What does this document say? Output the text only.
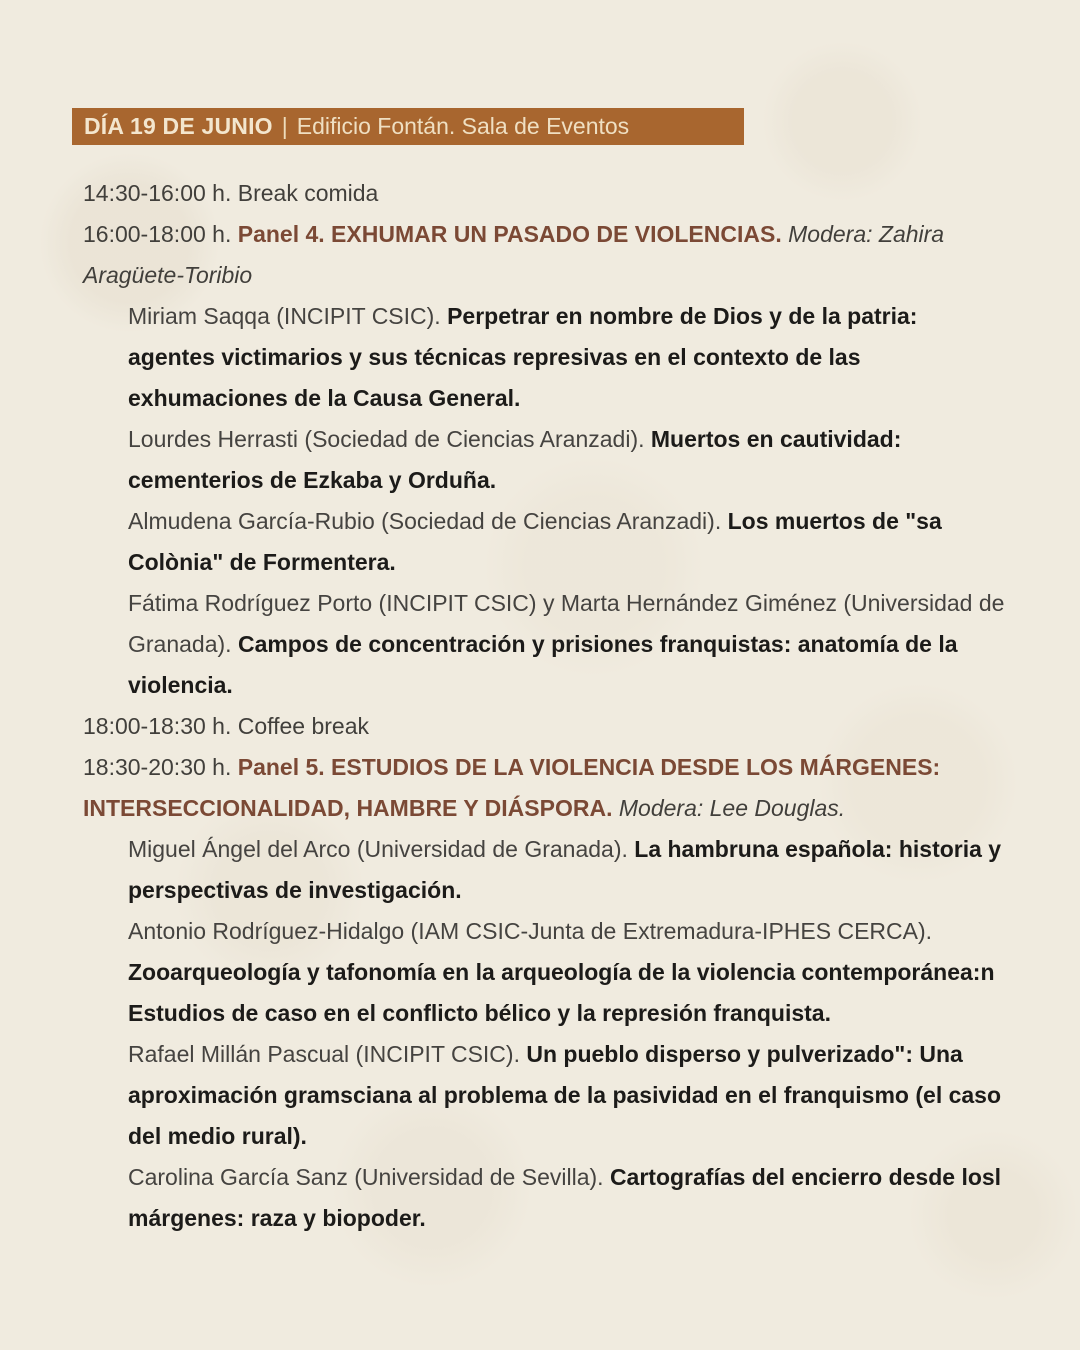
DÍA 19 DE JUNIO | Edificio Fontán. Sala de Eventos

14:30-16:00 h. Break comida

16:00-18:00 h. Panel 4. EXHUMAR UN PASADO DE VIOLENCIAS. Modera: Zahira Aragüete-Toribio

Miriam Saqqa (INCIPIT CSIC). Perpetrar en nombre de Dios y de la patria: agentes victimarios y sus técnicas represivas en el contexto de las exhumaciones de la Causa General.

Lourdes Herrasti (Sociedad de Ciencias Aranzadi). Muertos en cautividad: cementerios de Ezkaba y Orduña.

Almudena García-Rubio (Sociedad de Ciencias Aranzadi). Los muertos de "sa Colònia" de Formentera.

Fátima Rodríguez Porto (INCIPIT CSIC) y Marta Hernández Giménez (Universidad de Granada). Campos de concentración y prisiones franquistas: anatomía de la violencia.

18:00-18:30 h. Coffee break

18:30-20:30 h. Panel 5. ESTUDIOS DE LA VIOLENCIA DESDE LOS MÁRGENES: INTERSECCIONALIDAD, HAMBRE Y DIÁSPORA. Modera: Lee Douglas.

Miguel Ángel del Arco (Universidad de Granada). La hambruna española: historia y perspectivas de investigación.

Antonio Rodríguez-Hidalgo (IAM CSIC-Junta de Extremadura-IPHES CERCA). Zooarqueología y tafonomía en la arqueología de la violencia contemporánea:n Estudios de caso en el conflicto bélico y la represión franquista.

Rafael Millán Pascual (INCIPIT CSIC). Un pueblo disperso y pulverizado": Una aproximación gramsciana al problema de la pasividad en el franquismo (el caso del medio rural).

Carolina García Sanz (Universidad de Sevilla). Cartografías del encierro desde losl márgenes: raza y biopoder.
